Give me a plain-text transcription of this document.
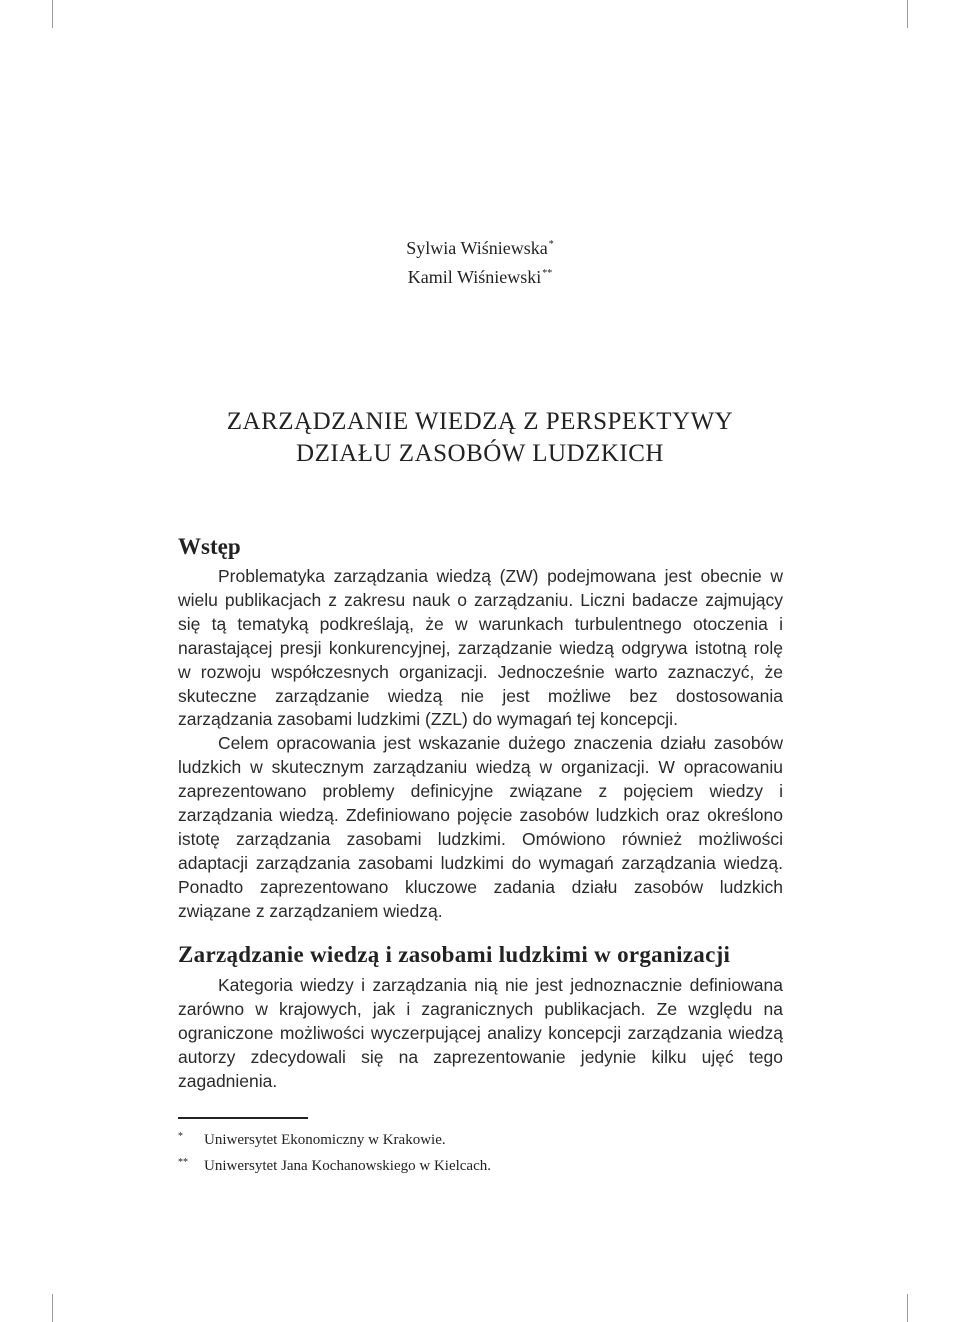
Sylwia Wiśniewska*
Kamil Wiśniewski**
ZARZĄDZANIE WIEDZĄ Z PERSPEKTYWY
DZIAŁU ZASOBÓW LUDZKICH
Wstęp

Problematyka zarządzania wiedzą (ZW) podejmowana jest obecnie w wielu publikacjach z zakresu nauk o zarządzaniu. Liczni badacze zajmujący się tą tematyką podkreślają, że w warunkach turbulentnego otoczenia i narastającej presji konkurencyjnej, zarządzanie wiedzą odgrywa istotną rolę w rozwoju współczesnych organizacji. Jednocześnie warto zaznaczyć, że skuteczne zarządzanie wiedzą nie jest możliwe bez dostosowania zarządzania zasobami ludzkimi (ZZL) do wymagań tej koncepcji.

Celem opracowania jest wskazanie dużego znaczenia działu zasobów ludzkich w skutecznym zarządzaniu wiedzą w organizacji. W opracowaniu zaprezentowano problemy definicyjne związane z pojęciem wiedzy i zarządzania wiedzą. Zdefiniowano pojęcie zasobów ludzkich oraz określono istotę zarządzania zasobami ludzkimi. Omówiono również możliwości adaptacji zarządzania zasobami ludzkimi do wymagań zarządzania wiedzą. Ponadto zaprezentowano kluczowe zadania działu zasobów ludzkich związane z zarządzaniem wiedzą.

Zarządzanie wiedzą i zasobami ludzkimi w organizacji

Kategoria wiedzy i zarządzania nią nie jest jednoznacznie definiowana zarówno w krajowych, jak i zagranicznych publikacjach. Ze względu na ograniczone możliwości wyczerpującej analizy koncepcji zarządzania wiedzą autorzy zdecydowali się na zaprezentowanie jedynie kilku ujęć tego zagadnienia.

*	Uniwersytet Ekonomiczny w Krakowie.
**	Uniwersytet Jana Kochanowskiego w Kielcach.
